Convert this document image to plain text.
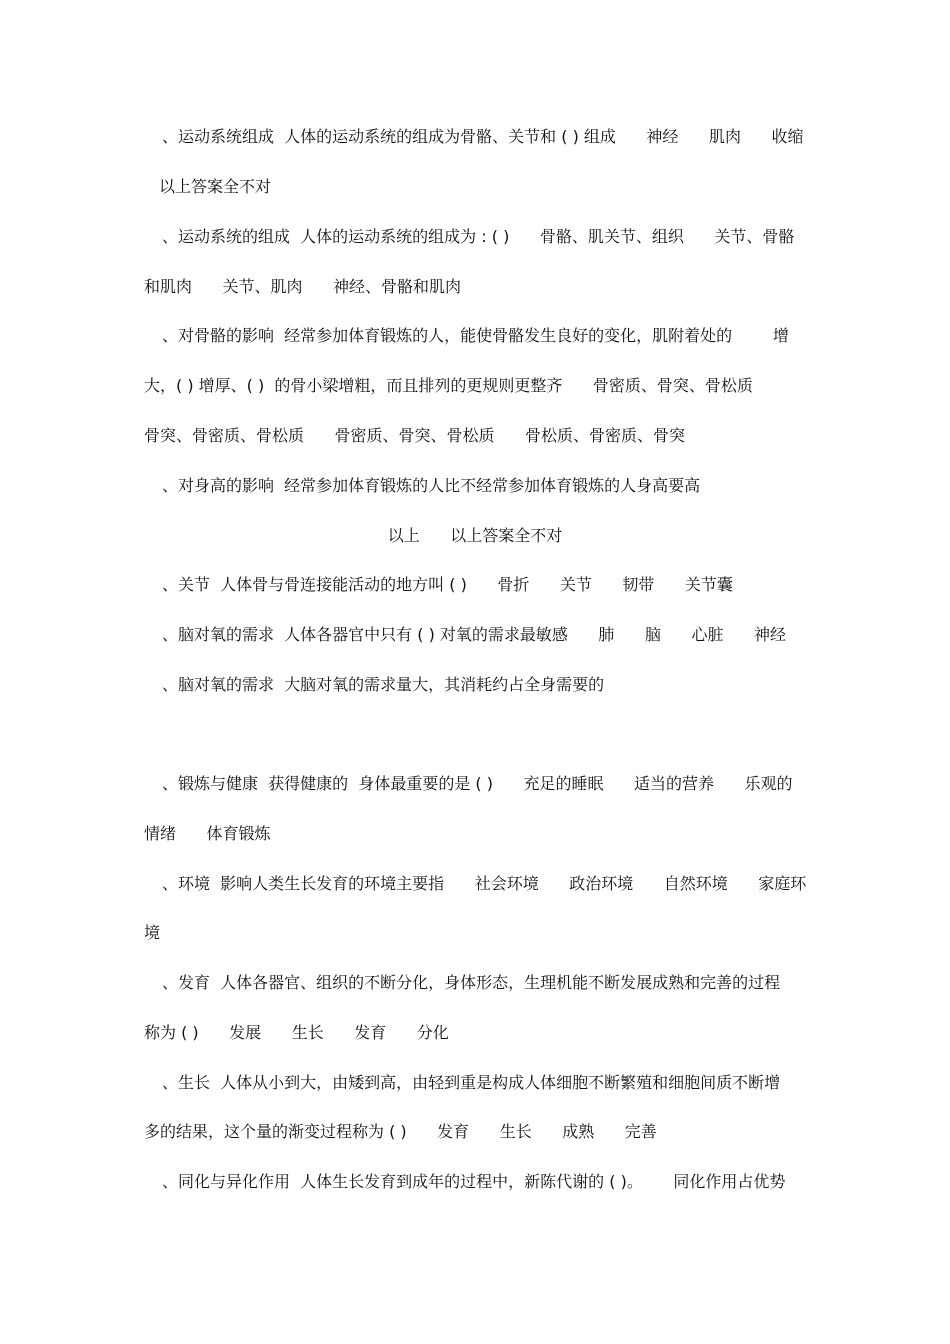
、运动系统组成  人体的运动系统的组成为骨骼、关节和 ( ) 组成      神经      肌肉      收缩
以上答案全不对
、运动系统的组成  人体的运动系统的组成为 : ( )      骨骼、肌关节、组织      关节、骨骼
和肌肉      关节、肌肉      神经、骨骼和肌肉
、对骨骼的影响  经常参加体育锻炼的人，能使骨骼发生良好的变化，肌附着处的        增
大，( ) 增厚、( )  的骨小梁增粗，而且排列的更规则更整齐      骨密质、骨突、骨松质
骨突、骨密质、骨松质      骨密质、骨突、骨松质      骨松质、骨密质、骨突
、对身高的影响  经常参加体育锻炼的人比不经常参加体育锻炼的人身高要高
以上      以上答案全不对
、关节  人体骨与骨连接能活动的地方叫 ( )      骨折      关节      韧带      关节囊
、脑对氧的需求  人体各器官中只有 ( ) 对氧的需求最敏感      肺      脑      心脏      神经
、脑对氧的需求  大脑对氧的需求量大，其消耗约占全身需要的
、锻炼与健康  获得健康的  身体最重要的是 ( )      充足的睡眠      适当的营养      乐观的
情绪      体育锻炼
、环境  影响人类生长发育的环境主要指      社会环境      政治环境      自然环境      家庭环
境
、发育  人体各器官、组织的不断分化，身体形态，生理机能不断发展成熟和完善的过程
称为 ( )      发展      生长      发育      分化
、生长  人体从小到大，由矮到高，由轻到重是构成人体细胞不断繁殖和细胞间质不断增
多的结果，这个量的渐变过程称为 ( )      发育      生长      成熟      完善
、同化与异化作用  人体生长发育到成年的过程中，新陈代谢的 ( )。      同化作用占优势
